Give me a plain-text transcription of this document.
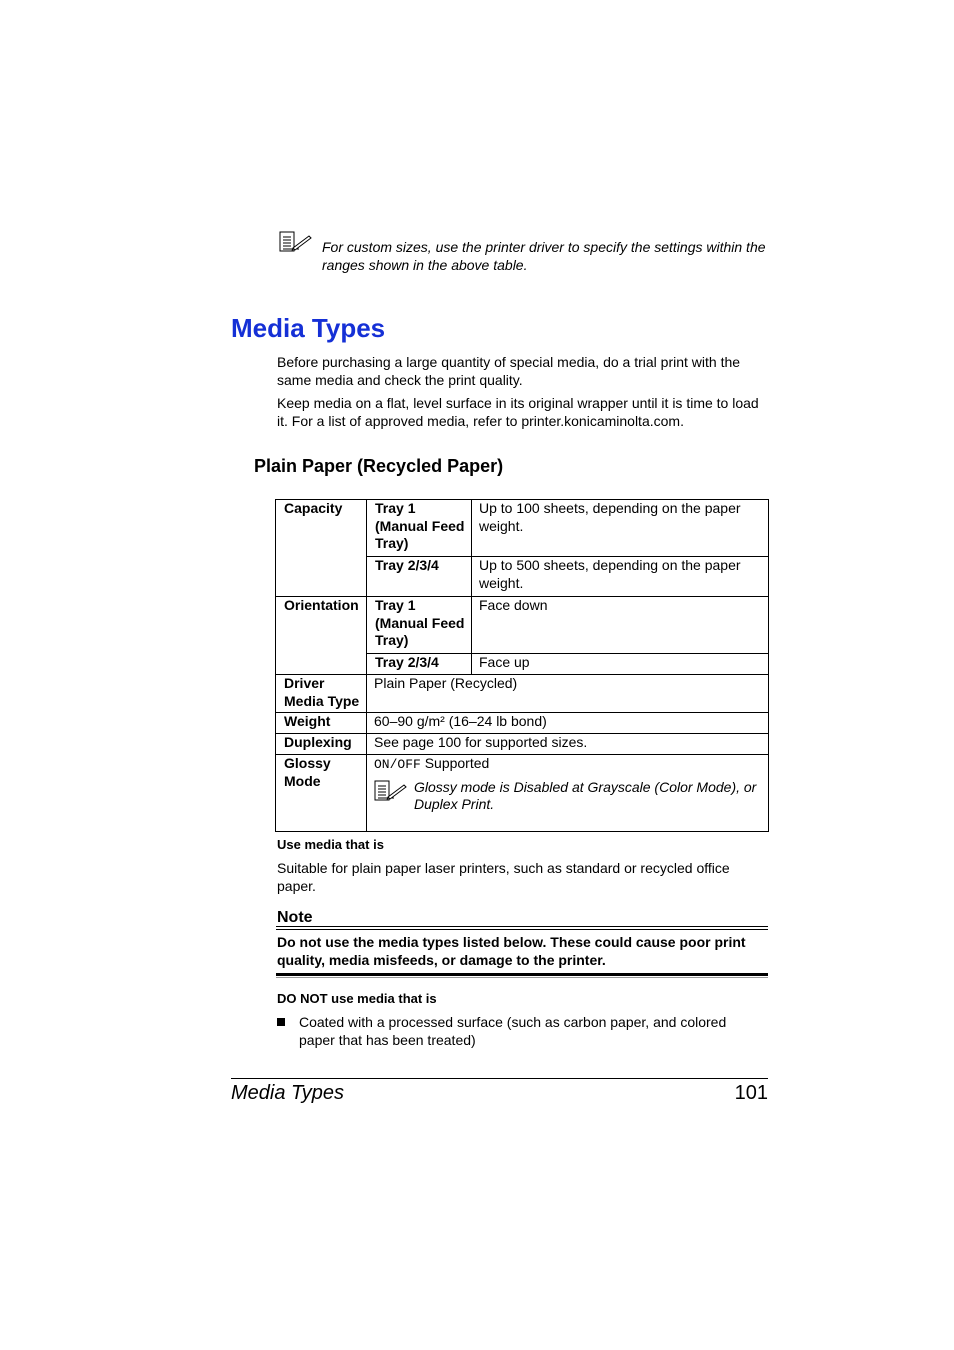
For custom sizes, use the printer driver to specify the settings within the ranges shown in the above table.
Media Types

Before purchasing a large quantity of special media, do a trial print with the same media and check the print quality.

Keep media on a flat, level surface in its original wrapper until it is time to load it. For a list of approved media, refer to printer.konicaminolta.com.

Plain Paper (Recycled Paper)
Capacity	Tray 1 (Manual Feed Tray)	Up to 100 sheets, depending on the paper weight.
	Tray 2/3/4	Up to 500 sheets, depending on the paper weight.
Orientation	Tray 1 (Manual Feed Tray)	Face down
	Tray 2/3/4	Face up
Driver Media Type	Plain Paper (Recycled)	
Weight	60–90 g/m² (16–24 lb bond)	
Duplexing	See page 100 for supported sizes.	
Glossy Mode	ON/OFF Supported
Glossy mode is Disabled at Grayscale (Color Mode), or Duplex Print.	
Use media that is

Suitable for plain paper laser printers, such as standard or recycled office paper.

Note
Do not use the media types listed below. These could cause poor print quality, media misfeeds, or damage to the printer.
DO NOT use media that is
Coated with a processed surface (such as carbon paper, and colored paper that has been treated)
Media Types	101
